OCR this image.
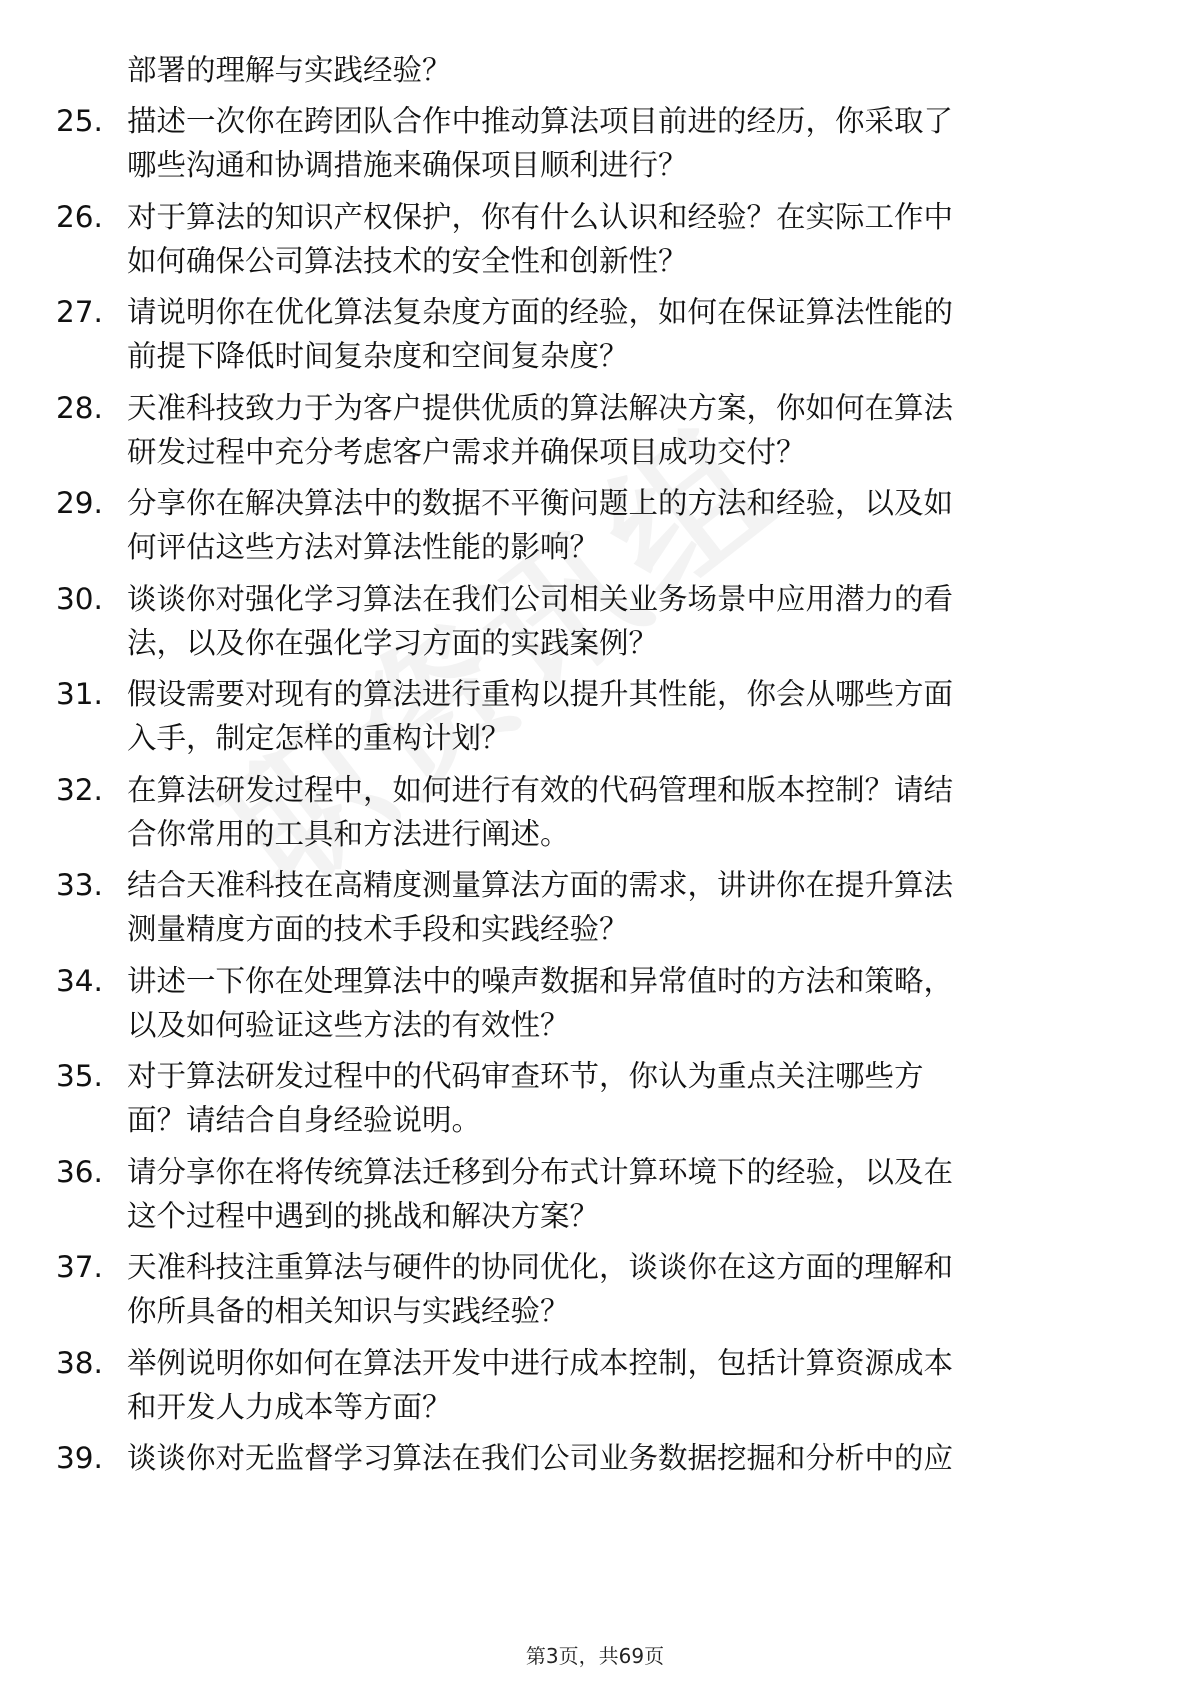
部署的理解与实践经验？
25. 描述一次你在跨团队合作中推动算法项目前进的经历，你采取了
哪些沟通和协调措施来确保项目顺利进行？
26. 对于算法的知识产权保护，你有什么认识和经验？在实际工作中
如何确保公司算法技术的安全性和创新性？
27. 请说明你在优化算法复杂度方面的经验，如何在保证算法性能的
前提下降低时间复杂度和空间复杂度？
28. 天准科技致力于为客户提供优质的算法解决方案，你如何在算法
研发过程中充分考虑客户需求并确保项目成功交付？
29. 分享你在解决算法中的数据不平衡问题上的方法和经验，以及如
何评估这些方法对算法性能的影响？
30. 谈谈你对强化学习算法在我们公司相关业务场景中应用潜力的看
法，以及你在强化学习方面的实践案例？
31. 假设需要对现有的算法进行重构以提升其性能，你会从哪些方面
入手，制定怎样的重构计划？
32. 在算法研发过程中，如何进行有效的代码管理和版本控制？请结
合你常用的工具和方法进行阐述。
33. 结合天准科技在高精度测量算法方面的需求，讲讲你在提升算法
测量精度方面的技术手段和实践经验？
34. 讲述一下你在处理算法中的噪声数据和异常值时的方法和策略，
以及如何验证这些方法的有效性？
35. 对于算法研发过程中的代码审查环节，你认为重点关注哪些方
面？请结合自身经验说明。
36. 请分享你在将传统算法迁移到分布式计算环境下的经验，以及在
这个过程中遇到的挑战和解决方案？
37. 天准科技注重算法与硬件的协同优化，谈谈你在这方面的理解和
你所具备的相关知识与实践经验？
38. 举例说明你如何在算法开发中进行成本控制，包括计算资源成本
和开发人力成本等方面？
39. 谈谈你对无监督学习算法在我们公司业务数据挖掘和分析中的应
第3页，共69页
